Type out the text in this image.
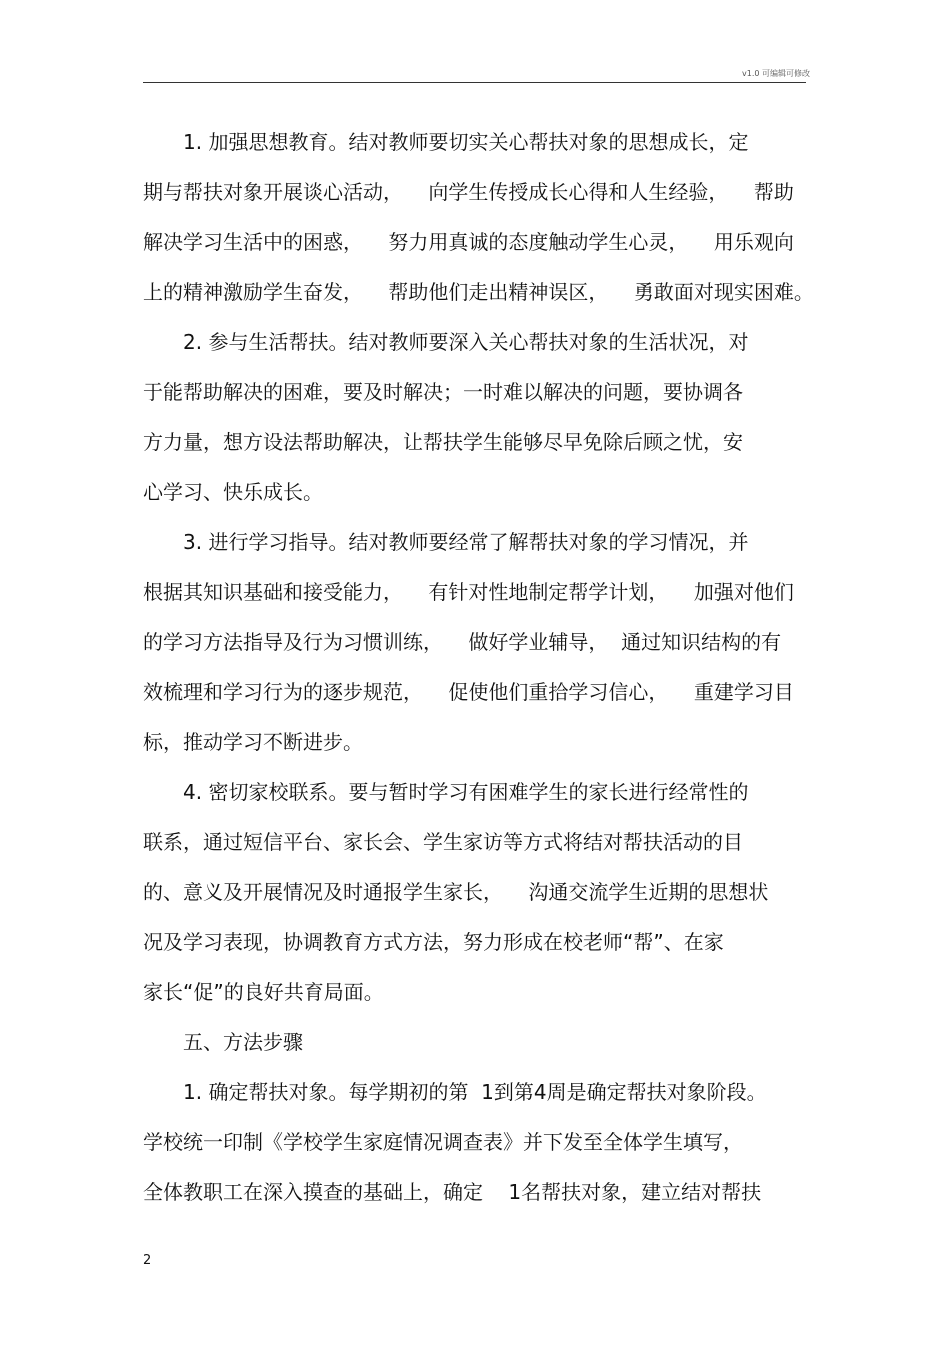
v1.0 可编辑可修改
1. 加强思想教育。结对教师要切实关心帮扶对象的思想成长，定
期与帮扶对象开展谈心活动，    向学生传授成长心得和人生经验，    帮助
解决学习生活中的困惑，    努力用真诚的态度触动学生心灵，    用乐观向
上的精神激励学生奋发，    帮助他们走出精神误区，    勇敢面对现实困难。
2. 参与生活帮扶。结对教师要深入关心帮扶对象的生活状况，对
于能帮助解决的困难，要及时解决；一时难以解决的问题，要协调各
方力量，想方设法帮助解决，让帮扶学生能够尽早免除后顾之忧，安
心学习、快乐成长。
3. 进行学习指导。结对教师要经常了解帮扶对象的学习情况，并
根据其知识基础和接受能力，    有针对性地制定帮学计划，    加强对他们
的学习方法指导及行为习惯训练，    做好学业辅导，  通过知识结构的有
效梳理和学习行为的逐步规范，    促使他们重拾学习信心，    重建学习目
标，推动学习不断进步。
4. 密切家校联系。要与暂时学习有困难学生的家长进行经常性的
联系，通过短信平台、家长会、学生家访等方式将结对帮扶活动的目
的、意义及开展情况及时通报学生家长，    沟通交流学生近期的思想状
况及学习表现，协调教育方式方法，努力形成在校老师“帮”、在家
家长“促”的良好共育局面。
五、方法步骤
1. 确定帮扶对象。每学期初的第  1到第4周是确定帮扶对象阶段。
学校统一印制《学校学生家庭情况调查表》并下发至全体学生填写，
全体教职工在深入摸查的基础上，确定    1名帮扶对象，建立结对帮扶
2
